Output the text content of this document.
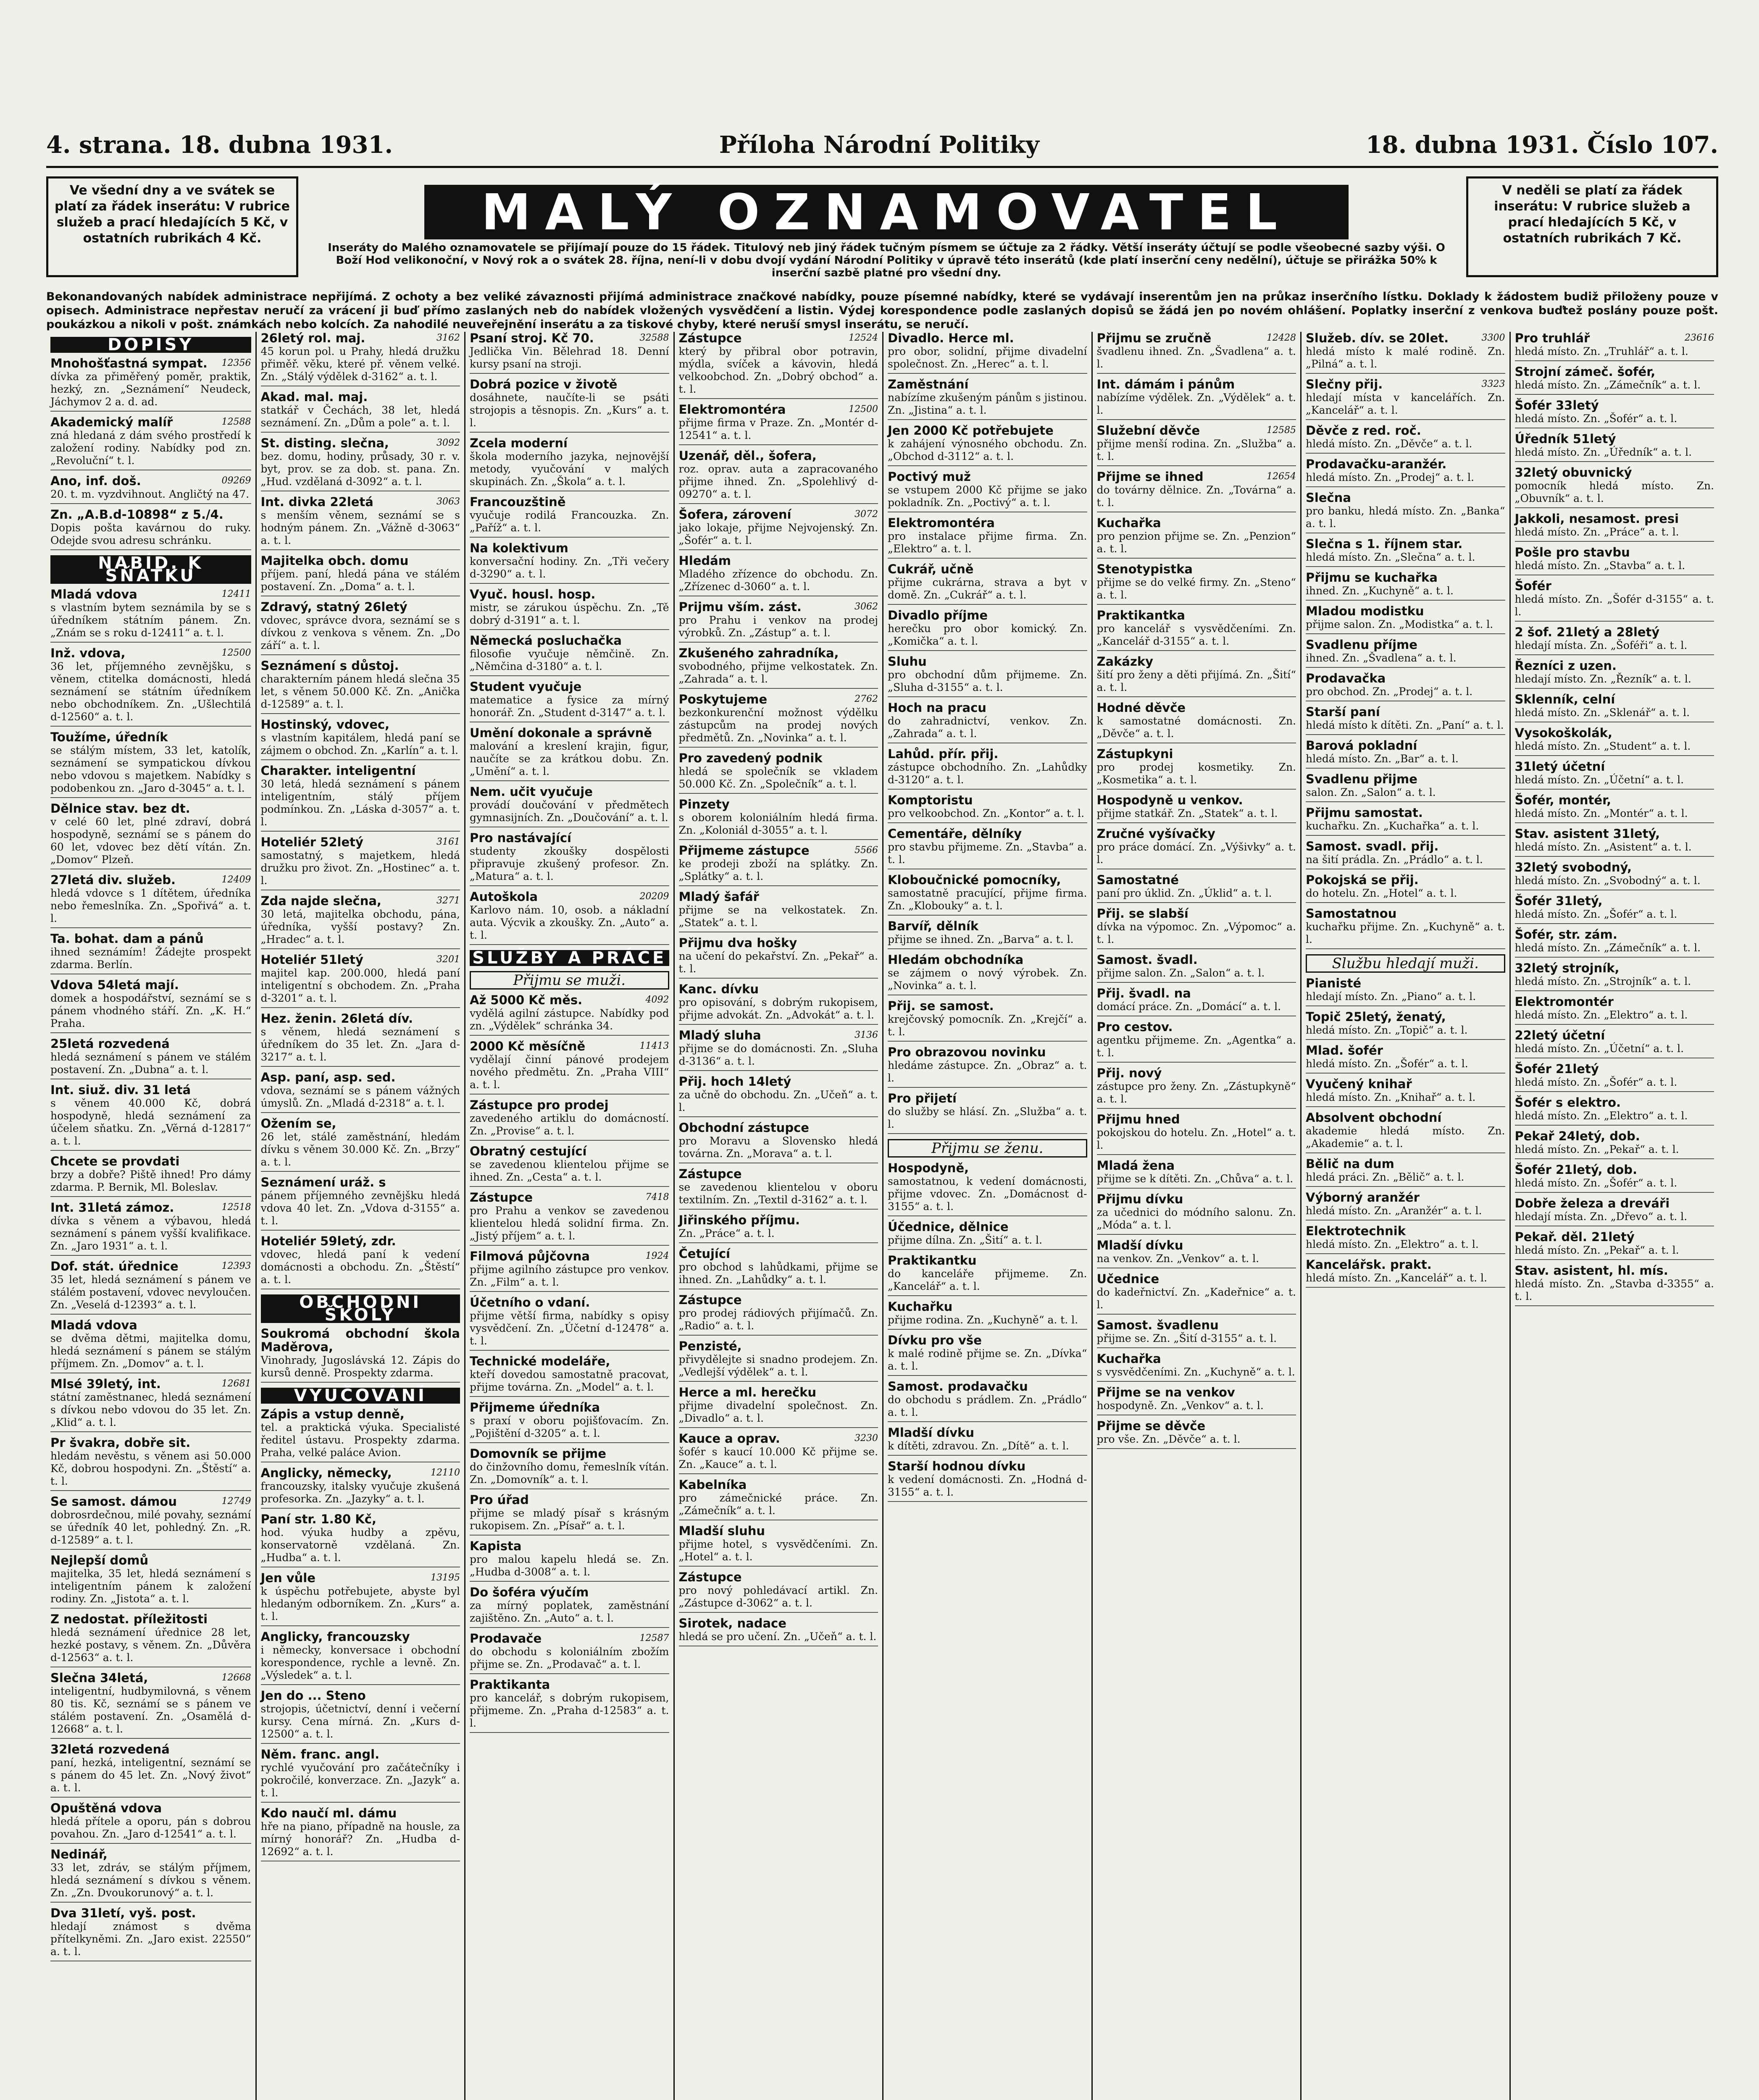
4. strana. 18. dubna 1931.	Příloha Národní Politiky	18. dubna 1931. Číslo 107.
Ve všední dny a ve svátek se platí za řádek inserátu: V rubrice služeb a prací hledajících 5 Kč, v ostatních rubrikách 4 Kč.	MALÝ OZNAMOVATEL
Inseráty do Malého oznamovatele se přijímají pouze do 15 řádek. Titulový neb jiný řádek tučným písmem se účtuje za 2 řádky. Větší inseráty účtují se podle všeobecné sazby výši. O Boží Hod velikonoční, v Nový rok a o svátek 28. října, není-li v dobu dvojí vydání Národní Politiky v úpravě této inserátů (kde platí inserční ceny nedělní), účtuje se přirážka 50% k inserční sazbě platné pro všední dny.
V neděli se platí za řádek inserátu: V rubrice služeb a prací hledajících 5 Kč, v ostatních rubrikách 7 Kč.
Bekonandovaných nabídek administrace nepřijímá. Z ochoty a bez veliké závaznosti přijímá administrace značkové nabídky, pouze písemné nabídky, které se vydávají inserentům jen na průkaz inserčního lístku. Doklady k žádostem budiž přiloženy pouze v opisech. Administrace nepřestav neručí za vrácení ji buď přímo zaslaných neb do nabídek vložených vysvědčení a listin. Výdej korespondence podle zaslaných dopisů se žádá jen po novém ohlášení. Poplatky inserční z venkova buďtež poslány pouze pošt. poukázkou a nikoli v pošt. známkách nebo kolcích. Za nahodilé neuveřejnění inserátu a za tiskové chyby, které neruší smysl inserátu, se neručí.
DOPISY
12356
Mnohošťastná sympat.
dívka za přiměřený poměr, praktik, hezký, zn. „Seznámení“ Neudeck, Jáchymov 2 a. d. ad.
12588
Akademický malíř
zná hledaná z dám svého prostředí k založení rodiny. Nabídky pod zn. „Revoluční“ t. l.
09269
Ano, inf. doš.
20. t. m. vyzdvihnout. Angličtý na 47.
Zn. „A.B.d-10898“ z 5./4.
Dopis pošta kavárnou do ruky. Odejde svou adresu schránku.
NABÍD. K SŇATKU
12411
Mladá vdova
s vlastním bytem seznámila by se s úředníkem státním pánem. Zn. „Znám se s roku d-12411“ a. t. l.
12500
Inž. vdova,
36 let, příjemného zevnějšku, s věnem, ctitelka domácnosti, hledá seznámení se státním úředníkem nebo obchodníkem. Zn. „Ušlechtilá d-12560“ a. t. l.
Toužíme, úředník
se stálým místem, 33 let, katolík, seznámení se sympatickou dívkou nebo vdovou s majetkem. Nabídky s podobenkou zn. „Jaro d-3045“ a. t. l.
Dělnice stav. bez dt.
v celé 60 let, plné zdraví, dobrá hospodyně, seznámí se s pánem do 60 let, vdovec bez dětí vítán. Zn. „Domov“ Plzeň.
12409
27letá div. služeb.
hledá vdovce s 1 dítětem, úředníka nebo řemeslníka. Zn. „Spořivá“ a. t. l.
Ta. bohat. dam a pánů
ihned seznámím! Žádejte prospekt zdarma. Berlín.
Vdova 54letá mají.
domek a hospodářství, seznámí se s pánem vhodného stáří. Zn. „K. H.“ Praha.
25letá rozvedená
hledá seznámení s pánem ve stálém postavení. Zn. „Dubna“ a. t. l.
Int. siuž. div. 31 letá
s věnem 40.000 Kč, dobrá hospodyně, hledá seznámení za účelem sňatku. Zn. „Věrná d-12817“ a. t. l.
Chcete se provdati
brzy a dobře? Piště ihned! Pro dámy zdarma. P. Bernik, Ml. Boleslav.
12518
Int. 31letá zámoz.
dívka s věnem a výbavou, hledá seznámení s pánem vyšší kvalifikace. Zn. „Jaro 1931“ a. t. l.
12393
Dof. stát. úřednice
35 let, hledá seznámení s pánem ve stálém postavení, vdovec nevyloučen. Zn. „Veselá d-12393“ a. t. l.
Mladá vdova
se dvěma dětmi, majitelka domu, hledá seznámení s pánem se stálým příjmem. Zn. „Domov“ a. t. l.
12681
Mlsé 39letý, int.
státní zaměstnanec, hledá seznámení s dívkou nebo vdovou do 35 let. Zn. „Klid“ a. t. l.
Pr švakra, dobře sit.
hledám nevěstu, s věnem asi 50.000 Kč, dobrou hospodyni. Zn. „Štěstí“ a. t. l.
12749
Se samost. dámou
dobrosrdečnou, milé povahy, seznámí se úředník 40 let, pohledný. Zn. „R. d-12589“ a. t. l.
Nejlepší domů
majitelka, 35 let, hledá seznámení s inteligentním pánem k založení rodiny. Zn. „Jistota“ a. t. l.
Z nedostat. příležitosti
hledá seznámení úřednice 28 let, hezké postavy, s věnem. Zn. „Důvěra d-12563“ a. t. l.
12668
Slečna 34letá,
inteligentní, hudbymilovná, s věnem 80 tis. Kč, seznámí se s pánem ve stálém postavení. Zn. „Osamělá d-12668“ a. t. l.
32letá rozvedená
paní, hezká, inteligentní, seznámí se s pánem do 45 let. Zn. „Nový život“ a. t. l.
Opuštěná vdova
hledá přítele a oporu, pán s dobrou povahou. Zn. „Jaro d-12541“ a. t. l.
Nedinář,
33 let, zdráv, se stálým příjmem, hledá seznámení s dívkou s věnem. Zn. „Zn. Dvoukorunový“ a. t. l.
Dva 31letí, vyš. post.
hledají známost s dvěma přítelkyněmi. Zn. „Jaro exist. 22550“ a. t. l.
3162
26letý rol. maj.
45 korun pol. u Prahy, hledá družku přiměř. věku, které př. věnem velké. Zn. „Stálý výdělek d-3162“ a. t. l.
Akad. mal. maj.
statkář v Čechách, 38 let, hledá seznámení. Zn. „Dům a pole“ a. t. l.
3092
St. disting. slečna,
bez. domu, hodiny, průsady, 30 r. v. byt, prov. se za dob. st. pana. Zn. „Hud. vzdělaná d-3092“ a. t. l.
3063
Int. divka 22letá
s menším věnem, seznámí se s hodným pánem. Zn. „Vážně d-3063“ a. t. l.
Majitelka obch. domu
příjem. paní, hledá pána ve stálém postavení. Zn. „Doma“ a. t. l.
Zdravý, statný 26letý
vdovec, správce dvora, seznámí se s dívkou z venkova s věnem. Zn. „Do září“ a. t. l.
Seznámení s důstoj.
charakterním pánem hledá slečna 35 let, s věnem 50.000 Kč. Zn. „Anička d-12589“ a. t. l.
Hostinský, vdovec,
s vlastním kapitálem, hledá paní se zájmem o obchod. Zn. „Karlín“ a. t. l.
Charakter. inteligentní
30 letá, hledá seznámení s pánem inteligentním, stálý příjem podmínkou. Zn. „Láska d-3057“ a. t. l.
3161
Hoteliér 52letý
samostatný, s majetkem, hledá družku pro život. Zn. „Hostinec“ a. t. l.
3271
Zda najde slečna,
30 letá, majitelka obchodu, pána, úředníka, vyšší postavy? Zn. „Hradec“ a. t. l.
3201
Hoteliér 51letý
majitel kap. 200.000, hledá paní inteligentní s obchodem. Zn. „Praha d-3201“ a. t. l.
Hez. ženin. 26letá dív.
s věnem, hledá seznámení s úředníkem do 35 let. Zn. „Jara d-3217“ a. t. l.
Asp. paní, asp. sed.
vdova, seznámí se s pánem vážných úmyslů. Zn. „Mladá d-2318“ a. t. l.
Ožením se,
26 let, stálé zaměstnání, hledám dívku s věnem 30.000 Kč. Zn. „Brzy“ a. t. l.
Seznámení uráž. s
pánem příjemného zevnějšku hledá vdova 40 let. Zn. „Vdova d-3155“ a. t. l.
Hoteliér 59letý, zdr.
vdovec, hledá paní k vedení domácnosti a obchodu. Zn. „Štěstí“ a. t. l.
OBCHODNÍ ŠKOLY
Soukromá obchodní škola Maděrova,
Vinohrady, Jugoslávská 12. Zápis do kursů denně. Prospekty zdarma.
VYUČOVÁNÍ
Zápis a vstup denně,
tel. a praktická výuka. Specialisté ředitel ústavu. Prospekty zdarma. Praha, velké paláce Avion.
12110
Anglicky, německy,
francouzsky, italsky vyučuje zkušená profesorka. Zn. „Jazyky“ a. t. l.
Paní str. 1.80 Kč,
hod. výuka hudby a zpěvu, konservatorně vzdělaná. Zn. „Hudba“ a. t. l.
13195
Jen vůle
k úspěchu potřebujete, abyste byl hledaným odborníkem. Zn. „Kurs“ a. t. l.
Anglicky, francouzsky
i německy, konversace i obchodní korespondence, rychle a levně. Zn. „Výsledek“ a. t. l.
Jen do ... Steno
strojopis, účetnictví, denní i večerní kursy. Cena mírná. Zn. „Kurs d-12500“ a. t. l.
Něm. franc. angl.
rychlé vyučování pro začátečníky i pokročilé, konverzace. Zn. „Jazyk“ a. t. l.
Kdo naučí ml. dámu
hře na piano, případně na housle, za mírný honorář? Zn. „Hudba d-12692“ a. t. l.
32588
Psaní stroj. Kč 70.
Jedlička Vin. Bělehrad 18. Denní kursy psaní na stroji.
Dobrá pozice v životě
dosáhnete, naučíte-li se psáti strojopis a těsnopis. Zn. „Kurs“ a. t. l.
Zcela moderní
škola moderního jazyka, nejnovější metody, vyučování v malých skupinách. Zn. „Škola“ a. t. l.
Francouzštině
vyučuje rodilá Francouzka. Zn. „Paříž“ a. t. l.
Na kolektivum
konversační hodiny. Zn. „Tři večery d-3290“ a. t. l.
Vyuč. housl. hosp.
mistr, se zárukou úspěchu. Zn. „Tě dobrý d-3191“ a. t. l.
Německá posluchačka
filosofie vyučuje němčině. Zn. „Němčina d-3180“ a. t. l.
Student vyučuje
matematice a fysice za mírný honorář. Zn. „Student d-3147“ a. t. l.
Umění dokonale a správně
malování a kreslení krajin, figur, naučíte se za krátkou dobu. Zn. „Umění“ a. t. l.
Nem. učit vyučuje
provádí doučování v předmětech gymnasijních. Zn. „Doučování“ a. t. l.
Pro nastávající
studenty zkoušky dospělosti připravuje zkušený profesor. Zn. „Matura“ a. t. l.
20209
Autoškola
Karlovo nám. 10, osob. a nákladní auta. Výcvik a zkoušky. Zn. „Auto“ a. t. l.
SLUŽBY A PRÁCE
Přijmu se muži.
4092
Až 5000 Kč měs.
vydělá agilní zástupce. Nabídky pod zn. „Výdělek“ schránka 34.
11413
2000 Kč měsíčně
vydělají činní pánové prodejem nového předmětu. Zn. „Praha VIII“ a. t. l.
Zástupce pro prodej
zavedeného artiklu do domácností. Zn. „Provise“ a. t. l.
Obratný cestující
se zavedenou klientelou přijme se ihned. Zn. „Cesta“ a. t. l.
7418
Zástupce
pro Prahu a venkov se zavedenou klientelou hledá solidní firma. Zn. „Jistý příjem“ a. t. l.
1924
Filmová půjčovna
přijme agilního zástupce pro venkov. Zn. „Film“ a. t. l.
Účetního o vdaní.
přijme větší firma, nabídky s opisy vysvědčení. Zn. „Účetní d-12478“ a. t. l.
Technické modeláře,
kteří dovedou samostatně pracovat, přijme továrna. Zn. „Model“ a. t. l.
Přijmeme úředníka
s praxí v oboru pojišťovacím. Zn. „Pojištění d-3205“ a. t. l.
Domovník se přijme
do činžovního domu, řemeslník vítán. Zn. „Domovník“ a. t. l.
Pro úřad
přijme se mladý písař s krásným rukopisem. Zn. „Písař“ a. t. l.
Kapista
pro malou kapelu hledá se. Zn. „Hudba d-3008“ a. t. l.
Do šoféra výučím
za mírný poplatek, zaměstnání zajištěno. Zn. „Auto“ a. t. l.
12587
Prodavače
do obchodu s koloniálním zbožím přijme se. Zn. „Prodavač“ a. t. l.
Praktikanta
pro kancelář, s dobrým rukopisem, přijmeme. Zn. „Praha d-12583“ a. t. l.
12524
Zástupce
který by přibral obor potravin, mýdla, svíček a kávovin, hledá velkoobchod. Zn. „Dobrý obchod“ a. t. l.
12500
Elektromontéra
přijme firma v Praze. Zn. „Montér d-12541“ a. t. l.
Uzenář, děl., šofera,
roz. oprav. auta a zapracovaného přijme ihned. Zn. „Spolehlivý d-09270“ a. t. l.
3072
Šofera, zárovení
jako lokaje, přijme Nejvojenský. Zn. „Šofér“ a. t. l.
Hledám
Mladého zřízence do obchodu. Zn. „Zřízenec d-3060“ a. t. l.
3062
Prijmu vším. zást.
pro Prahu i venkov na prodej výrobků. Zn. „Zástup“ a. t. l.
Zkušeného zahradníka,
svobodného, přijme velkostatek. Zn. „Zahrada“ a. t. l.
2762
Poskytujeme
bezkonkurenční možnost výdělku zástupcům na prodej nových předmětů. Zn. „Novinka“ a. t. l.
Pro zavedený podnik
hledá se společník se vkladem 50.000 Kč. Zn. „Společník“ a. t. l.
Pinzety
s oborem koloniálním hledá firma. Zn. „Koloniál d-3055“ a. t. l.
5566
Přijmeme zástupce
ke prodeji zboží na splátky. Zn. „Splátky“ a. t. l.
Mladý šafář
přijme se na velkostatek. Zn. „Statek“ a. t. l.
Přijmu dva hošky
na učení do pekařství. Zn. „Pekař“ a. t. l.
Kanc. dívku
pro opisování, s dobrým rukopisem, přijme advokát. Zn. „Advokát“ a. t. l.
3136
Mladý sluha
přijme se do domácnosti. Zn. „Sluha d-3136“ a. t. l.
Přij. hoch 14letý
za učně do obchodu. Zn. „Učeň“ a. t. l.
Obchodní zástupce
pro Moravu a Slovensko hledá továrna. Zn. „Morava“ a. t. l.
Zástupce
se zavedenou klientelou v oboru textilním. Zn. „Textil d-3162“ a. t. l.
Jiřinského příjmu.
Zn. „Práce“ a. t. l.
Četující
pro obchod s lahůdkami, přijme se ihned. Zn. „Lahůdky“ a. t. l.
Zástupce
pro prodej rádiových přijímačů. Zn. „Radio“ a. t. l.
Penzisté,
přivydělejte si snadno prodejem. Zn. „Vedlejší výdělek“ a. t. l.
Herce a ml. herečku
přijme divadelní společnost. Zn. „Divadlo“ a. t. l.
3230
Kauce a oprav.
šofér s kaucí 10.000 Kč přijme se. Zn. „Kauce“ a. t. l.
Kabelníka
pro zámečnické práce. Zn. „Zámečník“ a. t. l.
Mladší sluhu
přijme hotel, s vysvědčeními. Zn. „Hotel“ a. t. l.
Zástupce
pro nový pohledávací artikl. Zn. „Zástupce d-3062“ a. t. l.
Sirotek, nadace
hledá se pro učení. Zn. „Učeň“ a. t. l.
Divadlo. Herce ml.
pro obor, solidní, přijme divadelní společnost. Zn. „Herec“ a. t. l.
Zaměstnání
nabízíme zkušeným pánům s jistinou. Zn. „Jistina“ a. t. l.
Jen 2000 Kč potřebujete
k zahájení výnosného obchodu. Zn. „Obchod d-3112“ a. t. l.
Poctivý muž
se vstupem 2000 Kč přijme se jako pokladník. Zn. „Poctivý“ a. t. l.
Elektromontéra
pro instalace přijme firma. Zn. „Elektro“ a. t. l.
Cukrář, učně
přijme cukrárna, strava a byt v domě. Zn. „Cukrář“ a. t. l.
Divadlo příjme
herečku pro obor komický. Zn. „Komička“ a. t. l.
Sluhu
pro obchodní dům přijmeme. Zn. „Sluha d-3155“ a. t. l.
Hoch na pracu
do zahradnictví, venkov. Zn. „Zahrada“ a. t. l.
Lahůd. přír. přij.
zástupce obchodního. Zn. „Lahůdky d-3120“ a. t. l.
Komptoristu
pro velkoobchod. Zn. „Kontor“ a. t. l.
Cementáře, dělníky
pro stavbu přijmeme. Zn. „Stavba“ a. t. l.
Kloboučnické pomocníky,
samostatně pracující, přijme firma. Zn. „Klobouky“ a. t. l.
Barvíř, dělník
přijme se ihned. Zn. „Barva“ a. t. l.
Hledám obchodníka
se zájmem o nový výrobek. Zn. „Novinka“ a. t. l.
Přij. se samost.
krejčovský pomocník. Zn. „Krejčí“ a. t. l.
Pro obrazovou novinku
hledáme zástupce. Zn. „Obraz“ a. t. l.
Pro přijetí
do služby se hlásí. Zn. „Služba“ a. t. l.
Přijmu se ženu.
Hospodyně,
samostatnou, k vedení domácnosti, přijme vdovec. Zn. „Domácnost d-3155“ a. t. l.
Účednice, dělnice
přijme dílna. Zn. „Šití“ a. t. l.
Praktikantku
do kanceláře přijmeme. Zn. „Kancelář“ a. t. l.
Kuchařku
přijme rodina. Zn. „Kuchyně“ a. t. l.
Dívku pro vše
k malé rodině přijme se. Zn. „Dívka“ a. t. l.
Samost. prodavačku
do obchodu s prádlem. Zn. „Prádlo“ a. t. l.
Mladší dívku
k dítěti, zdravou. Zn. „Dítě“ a. t. l.
Starší hodnou dívku
k vedení domácnosti. Zn. „Hodná d-3155“ a. t. l.
12428
Přijmu se zručně
švadlenu ihned. Zn. „Švadlena“ a. t. l.
Int. dámám i pánům
nabízíme výdělek. Zn. „Výdělek“ a. t. l.
12585
Služební děvče
přijme menší rodina. Zn. „Služba“ a. t. l.
12654
Přijme se ihned
do továrny dělnice. Zn. „Továrna“ a. t. l.
Kuchařka
pro penzion přijme se. Zn. „Penzion“ a. t. l.
Stenotypistka
přijme se do velké firmy. Zn. „Steno“ a. t. l.
Praktikantka
pro kancelář s vysvědčeními. Zn. „Kancelář d-3155“ a. t. l.
Zakázky
šití pro ženy a děti přijímá. Zn. „Šití“ a. t. l.
Hodné děvče
k samostatné domácnosti. Zn. „Děvče“ a. t. l.
Zástupkyni
pro prodej kosmetiky. Zn. „Kosmetika“ a. t. l.
Hospodyně u venkov.
přijme statkář. Zn. „Statek“ a. t. l.
Zručné vyšívačky
pro práce domácí. Zn. „Výšivky“ a. t. l.
Samostatné
paní pro úklid. Zn. „Úklid“ a. t. l.
Přij. se slabší
dívka na výpomoc. Zn. „Výpomoc“ a. t. l.
Samost. švadl.
přijme salon. Zn. „Salon“ a. t. l.
Přij. švadl. na
domácí práce. Zn. „Domácí“ a. t. l.
Pro cestov.
agentku přijmeme. Zn. „Agentka“ a. t. l.
Přij. nový
zástupce pro ženy. Zn. „Zástupkyně“ a. t. l.
Přijmu hned
pokojskou do hotelu. Zn. „Hotel“ a. t. l.
Mladá žena
přijme se k dítěti. Zn. „Chůva“ a. t. l.
Přijmu dívku
za učednici do módního salonu. Zn. „Móda“ a. t. l.
Mladší dívku
na venkov. Zn. „Venkov“ a. t. l.
Učednice
do kadeřnictví. Zn. „Kadeřnice“ a. t. l.
Samost. švadlenu
přijme se. Zn. „Šití d-3155“ a. t. l.
Kuchařka
s vysvědčeními. Zn. „Kuchyně“ a. t. l.
Přijme se na venkov
hospodyně. Zn. „Venkov“ a. t. l.
Přijme se děvče
pro vše. Zn. „Děvče“ a. t. l.
3300
Služeb. dív. se 20let.
hledá místo k malé rodině. Zn. „Pilná“ a. t. l.
3323
Slečny přij.
hledají místa v kancelářích. Zn. „Kancelář“ a. t. l.
Děvče z red. roč.
hledá místo. Zn. „Děvče“ a. t. l.
Prodavačku-aranžér.
hledá místo. Zn. „Prodej“ a. t. l.
Slečna
pro banku, hledá místo. Zn. „Banka“ a. t. l.
Slečna s 1. říjnem star.
hledá místo. Zn. „Slečna“ a. t. l.
Přijmu se kuchařka
ihned. Zn. „Kuchyně“ a. t. l.
Mladou modistku
přijme salon. Zn. „Modistka“ a. t. l.
Svadlenu příjme
ihned. Zn. „Švadlena“ a. t. l.
Prodavačka
pro obchod. Zn. „Prodej“ a. t. l.
Starší paní
hledá místo k dítěti. Zn. „Paní“ a. t. l.
Barová pokladní
hledá místo. Zn. „Bar“ a. t. l.
Svadlenu přijme
salon. Zn. „Salon“ a. t. l.
Přijmu samostat.
kuchařku. Zn. „Kuchařka“ a. t. l.
Samost. svadl. přij.
na šití prádla. Zn. „Prádlo“ a. t. l.
Pokojská se přij.
do hotelu. Zn. „Hotel“ a. t. l.
Samostatnou
kuchařku přijme. Zn. „Kuchyně“ a. t. l.
Službu hledají muži.
Pianisté
hledají místo. Zn. „Piano“ a. t. l.
Topič 25letý, ženatý,
hledá místo. Zn. „Topič“ a. t. l.
Mlad. šofér
hledá místo. Zn. „Šofér“ a. t. l.
Vyučený knihař
hledá místo. Zn. „Knihař“ a. t. l.
Absolvent obchodní
akademie hledá místo. Zn. „Akademie“ a. t. l.
Bělič na dum
hledá práci. Zn. „Bělič“ a. t. l.
Výborný aranžér
hledá místo. Zn. „Aranžér“ a. t. l.
Elektrotechnik
hledá místo. Zn. „Elektro“ a. t. l.
Kancelářsk. prakt.
hledá místo. Zn. „Kancelář“ a. t. l.
23616
Pro truhlář
hledá místo. Zn. „Truhlář“ a. t. l.
Strojní zámeč. šofér,
hledá místo. Zn. „Zámečník“ a. t. l.
Šofér 33letý
hledá místo. Zn. „Šofér“ a. t. l.
Úředník 51letý
hledá místo. Zn. „Úředník“ a. t. l.
32letý obuvnický
pomocník hledá místo. Zn. „Obuvník“ a. t. l.
Jakkoli, nesamost. presi
hledá místo. Zn. „Práce“ a. t. l.
Pošle pro stavbu
hledá místo. Zn. „Stavba“ a. t. l.
Šofér
hledá místo. Zn. „Šofér d-3155“ a. t. l.
2 šof. 21letý a 28letý
hledají místa. Zn. „Šoféři“ a. t. l.
Řezníci z uzen.
hledají místo. Zn. „Řezník“ a. t. l.
Sklenník, celní
hledá místo. Zn. „Sklenář“ a. t. l.
Vysokoškolák,
hledá místo. Zn. „Student“ a. t. l.
31letý účetní
hledá místo. Zn. „Účetní“ a. t. l.
Šofér, montér,
hledá místo. Zn. „Montér“ a. t. l.
Stav. asistent 31letý,
hledá místo. Zn. „Asistent“ a. t. l.
32letý svobodný,
hledá místo. Zn. „Svobodný“ a. t. l.
Šofér 31letý,
hledá místo. Zn. „Šofér“ a. t. l.
Šofér, str. zám.
hledá místo. Zn. „Zámečník“ a. t. l.
32letý strojník,
hledá místo. Zn. „Strojník“ a. t. l.
Elektromontér
hledá místo. Zn. „Elektro“ a. t. l.
22letý účetní
hledá místo. Zn. „Účetní“ a. t. l.
Šofér 21letý
hledá místo. Zn. „Šofér“ a. t. l.
Šofér s elektro.
hledá místo. Zn. „Elektro“ a. t. l.
Pekař 24letý, dob.
hledá místo. Zn. „Pekař“ a. t. l.
Šofér 21letý, dob.
hledá místo. Zn. „Šofér“ a. t. l.
Dobře železa a dreváři
hledají místa. Zn. „Dřevo“ a. t. l.
Pekař. děl. 21letý
hledá místo. Zn. „Pekař“ a. t. l.
Stav. asistent, hl. mís.
hledá místo. Zn. „Stavba d-3355“ a. t. l.
